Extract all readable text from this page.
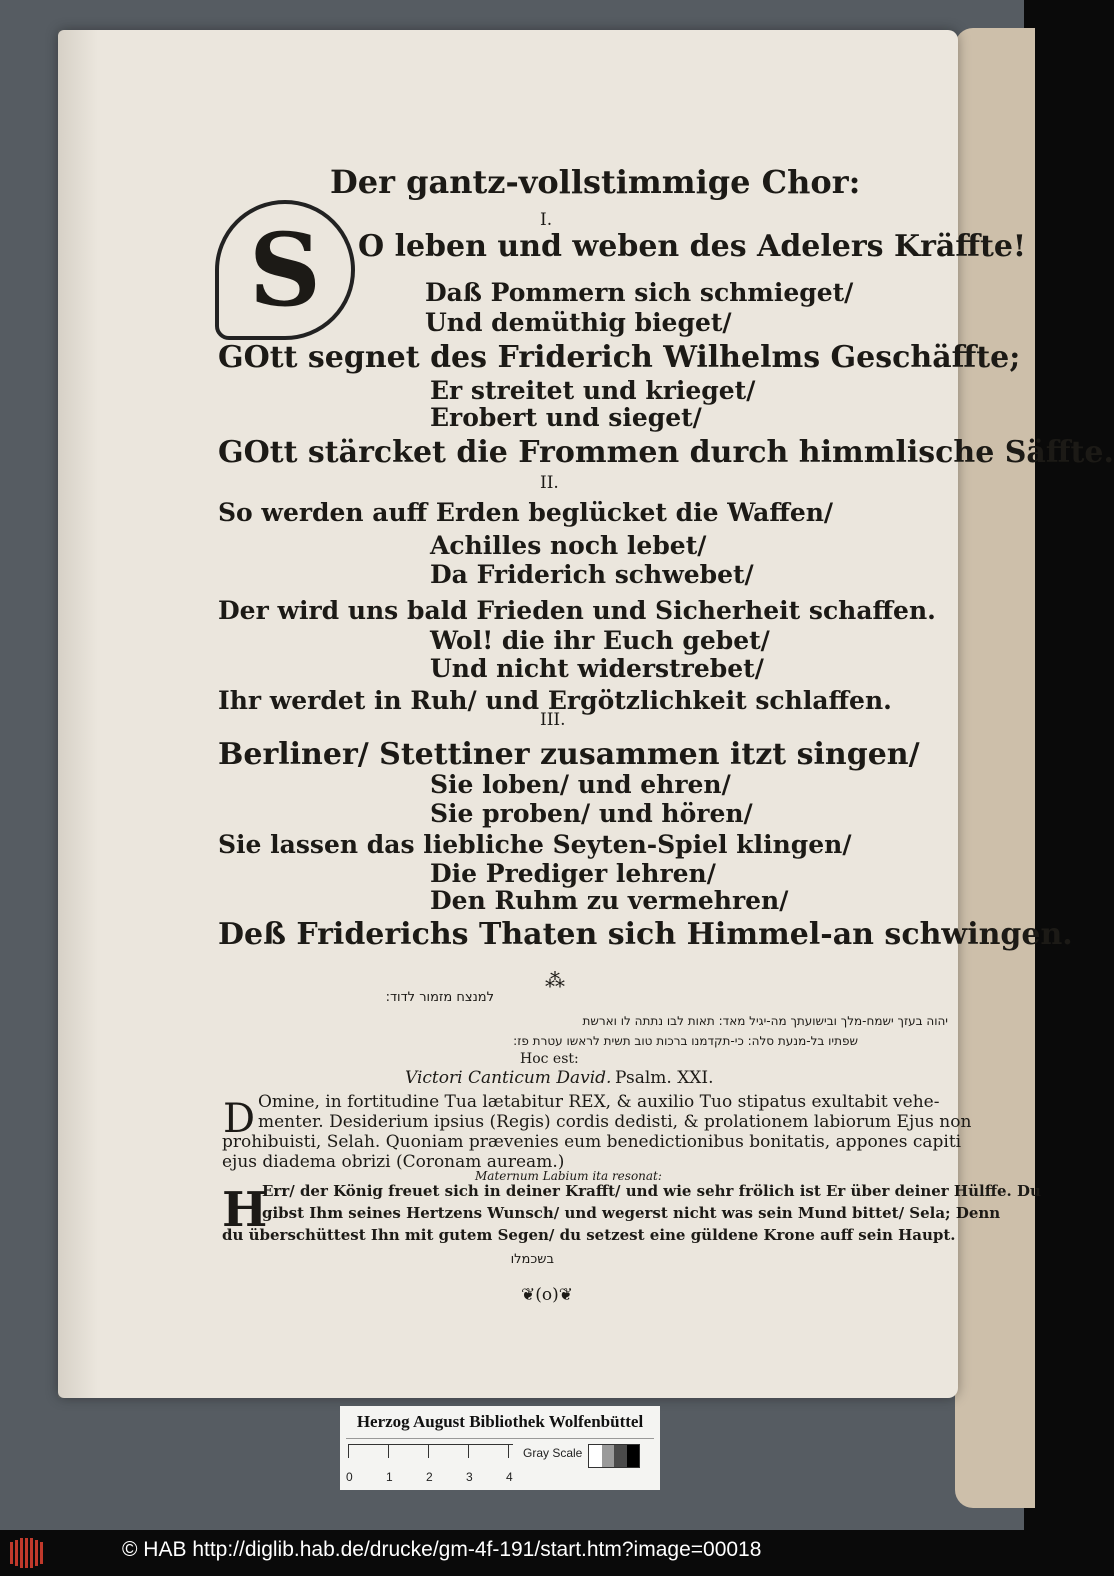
Der gantz-vollstimmige Chor:
I.
S	O leben und weben des Adelers Kräffte!
Daß Pommern sich schmieget/
Und demüthig bieget/
GOtt segnet des Friderich Wilhelms Geschäffte;
Er streitet und krieget/
Erobert und sieget/
GOtt stärcket die Frommen durch himmlische Säffte.
II.
So werden auff Erden beglücket die Waffen/
Achilles noch lebet/
Da Friderich schwebet/
Der wird uns bald Frieden und Sicherheit schaffen.
Wol! die ihr Euch gebet/
Und nicht widerstrebet/
Ihr werdet in Ruh/ und Ergötzlichkeit schlaffen.
III.
Berliner/ Stettiner zusammen itzt singen/
Sie loben/ und ehren/
Sie proben/ und hören/
Sie lassen das liebliche Seyten-Spiel klingen/
Die Prediger lehren/
Den Ruhm zu vermehren/
Deß Friderichs Thaten sich Himmel-an schwingen.
⁂
למנצח מזמור לדוד:
יהוה בעזך ישמח-מלך ובישועתך מה-יגיל מאד: תאות לבו נתתה לו וארשת
שפתיו בל-מנעת סלה: כי-תקדמנו ברכות טוב תשית לראשו עטרת פז:
Hoc est:
Victori Canticum David. Psalm. XXI.
D Omine, in fortitudine Tua lætabitur REX, & auxilio Tuo stipatus exultabit vehe-
menter. Desiderium ipsius (Regis) cordis dedisti, & prolationem labiorum Ejus non
prohibuisti, Selah. Quoniam prævenies eum benedictionibus bonitatis, appones capiti
ejus diadema obrizi (Coronam auream.)
Maternum Labium ita resonat:
H
Err/ der König freuet sich in deiner Krafft/ und wie sehr frölich ist Er über deiner Hülffe. Du
gibst Ihm seines Hertzens Wunsch/ und wegerst nicht was sein Mund bittet/ Sela; Denn
du überschüttest Ihn mit gutem Segen/ du setzest eine güldene Krone auff sein Haupt.
בשכמלו
❦(o)❦
Herzog August Bibliothek Wolfenbüttel
0	1	2	3	4
Gray Scale
© HAB http://diglib.hab.de/drucke/gm-4f-191/start.htm?image=00018
